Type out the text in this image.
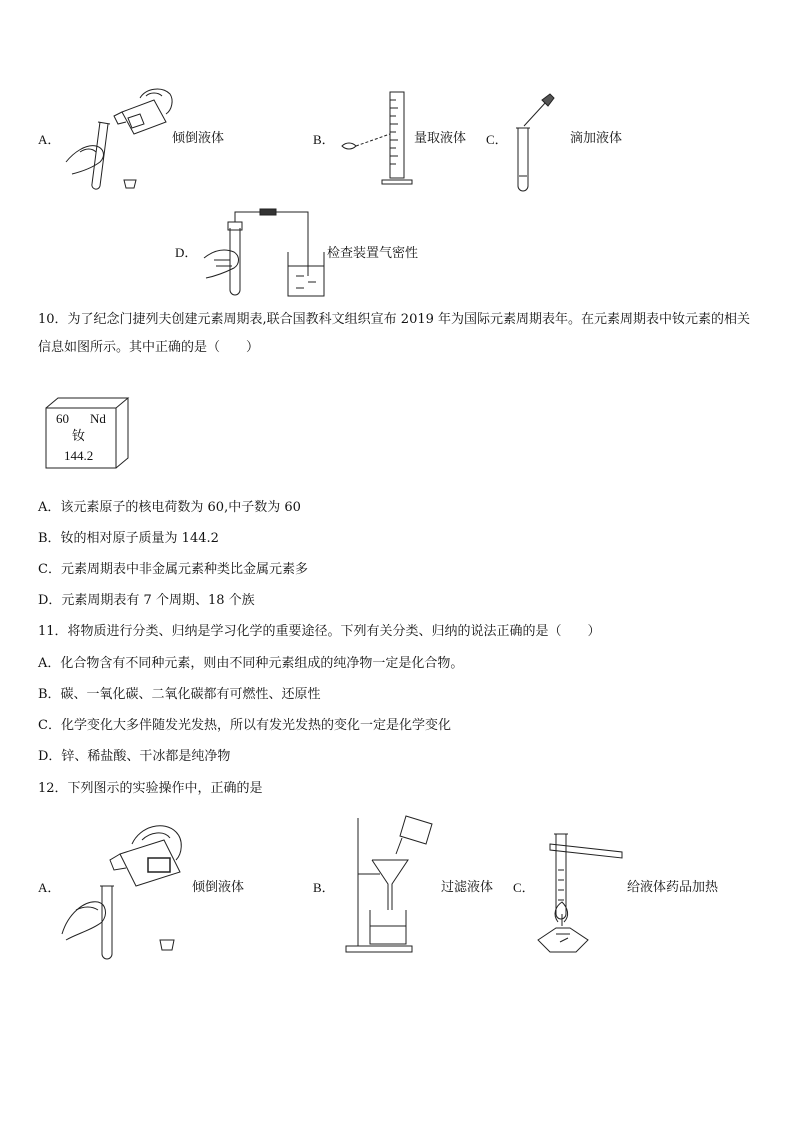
A．	倾倒液体	B．	量取液体 C．	滴加液体
D．	检查装置气密性
10．为了纪念门捷列夫创建元素周期表,联合国教科文组织宣布 2019 年为国际元素周期表年。在元素周期表中钕元素的相关信息如图所示。其中正确的是（　　）
60 Nd
钕
144.2
A．该元素原子的核电荷数为 60,中子数为 60
B．钕的相对原子质量为 144.2
C．元素周期表中非金属元素种类比金属元素多
D．元素周期表有 7 个周期、18 个族
11．将物质进行分类、归纳是学习化学的重要途径。下列有关分类、归纳的说法正确的是（　　）
A．化合物含有不同种元素，则由不同种元素组成的纯净物一定是化合物。
B．碳、一氧化碳、二氧化碳都有可燃性、还原性
C．化学变化大多伴随发光发热，所以有发光发热的变化一定是化学变化
D．锌、稀盐酸、干冰都是纯净物
12．下列图示的实验操作中，正确的是
A．	倾倒液体	B．	过滤液体 C．	给液体药品加热
